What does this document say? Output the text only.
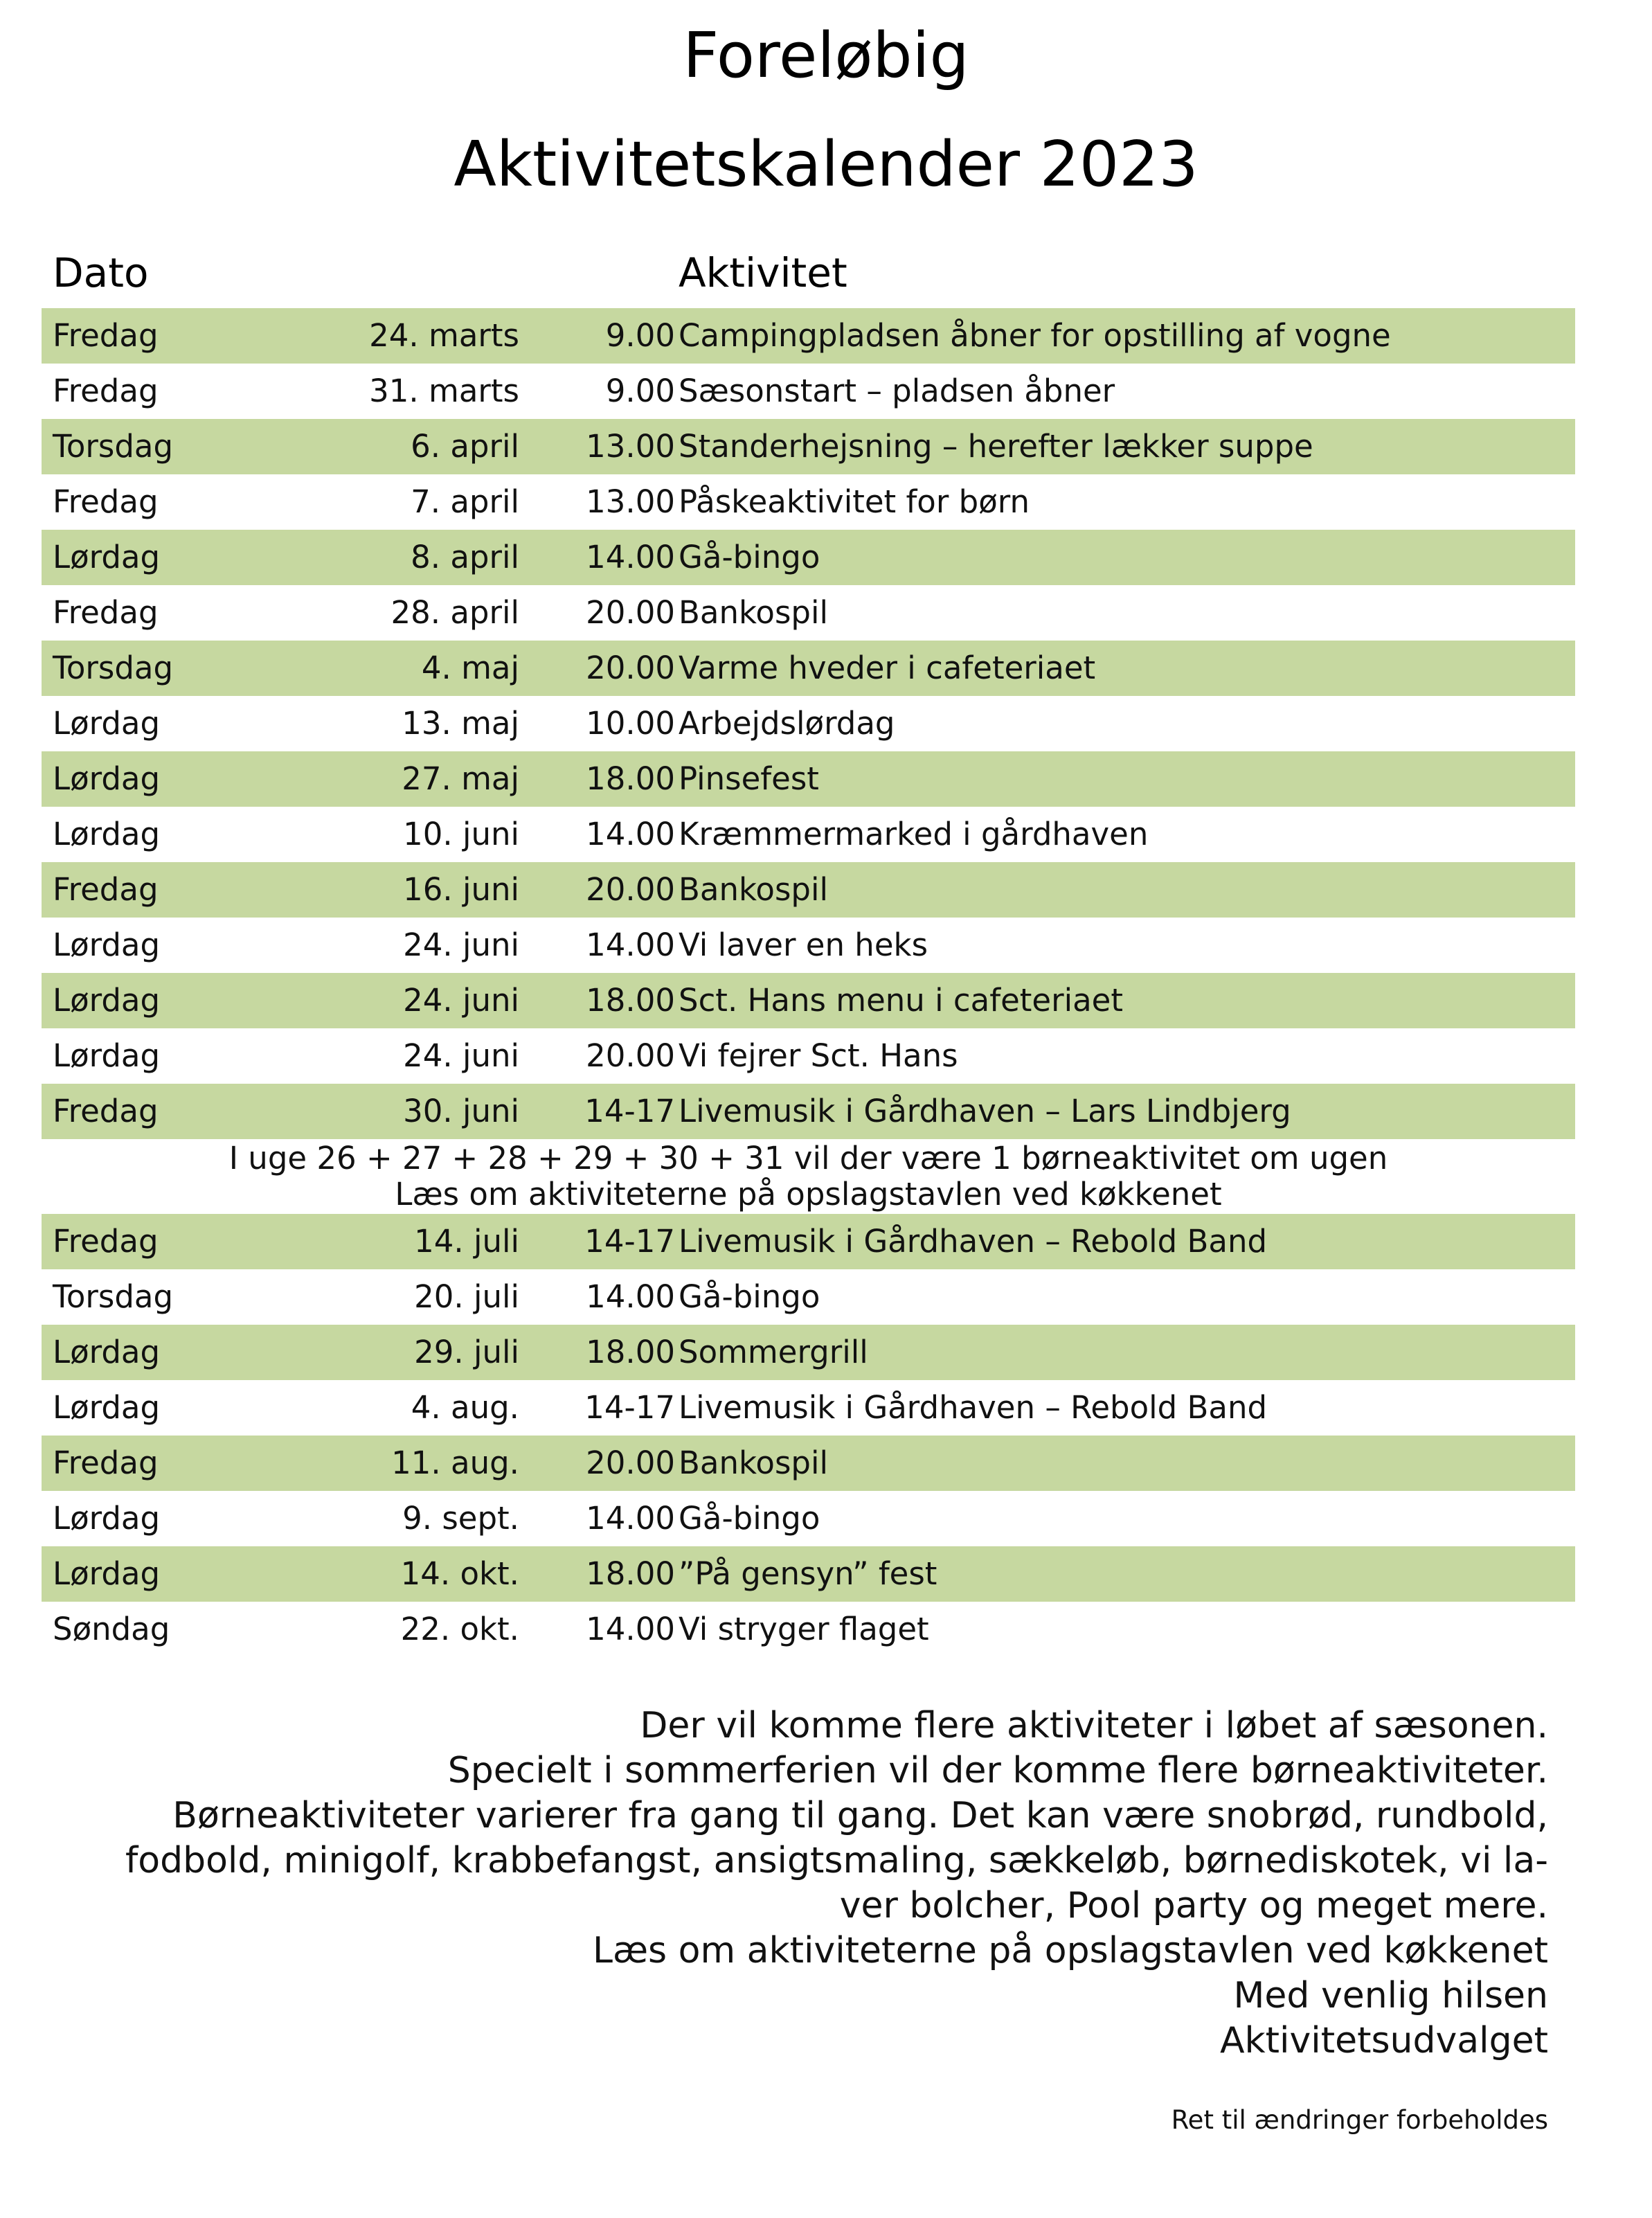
Foreløbig
Aktivitetskalender 2023
Dato	Aktivitet
Fredag	24. marts	9.00 Campingpladsen åbner for opstilling af vogne
Fredag	31. marts	9.00 Sæsonstart – pladsen åbner
Torsdag	6. april 13.00 Standerhejsning – herefter lækker suppe
Fredag	7. april 13.00 Påskeaktivitet for børn
Lørdag	8. april 14.00 Gå-bingo
Fredag	28. april 20.00 Bankospil
Torsdag	4. maj 20.00 Varme hveder i cafeteriaet
Lørdag	13. maj 10.00 Arbejdslørdag
Lørdag	27. maj 18.00 Pinsefest
Lørdag	10. juni 14.00 Kræmmermarked i gårdhaven
Fredag	16. juni 20.00 Bankospil
Lørdag	24. juni 14.00 Vi laver en heks
Lørdag	24. juni 18.00 Sct. Hans menu i cafeteriaet
Lørdag	24. juni 20.00 Vi fejrer Sct. Hans
Fredag	30. juni 14-17 Livemusik i Gårdhaven – Lars Lindbjerg
I uge 26 + 27 + 28 + 29 + 30 + 31 vil der være 1 børneaktivitet om ugen
Læs om aktiviteterne på opslagstavlen ved køkkenet
Fredag	14. juli 14-17 Livemusik i Gårdhaven – Rebold Band
Torsdag	20. juli 14.00 Gå-bingo
Lørdag	29. juli 18.00 Sommergrill
Lørdag	4. aug. 14-17 Livemusik i Gårdhaven – Rebold Band
Fredag	11. aug. 20.00 Bankospil
Lørdag	9. sept. 14.00 Gå-bingo
Lørdag	14. okt. 18.00 ”På gensyn” fest
Søndag	22. okt. 14.00 Vi stryger flaget
Der vil komme flere aktiviteter i løbet af sæsonen.
Specielt i sommerferien vil der komme flere børneaktiviteter.
Børneaktiviteter varierer fra gang til gang. Det kan være snobrød, rundbold,
fodbold, minigolf, krabbefangst, ansigtsmaling, sækkeløb, børnediskotek, vi la-
ver bolcher, Pool party og meget mere.
Læs om aktiviteterne på opslagstavlen ved køkkenet
Med venlig hilsen
Aktivitetsudvalget
Ret til ændringer forbeholdes
